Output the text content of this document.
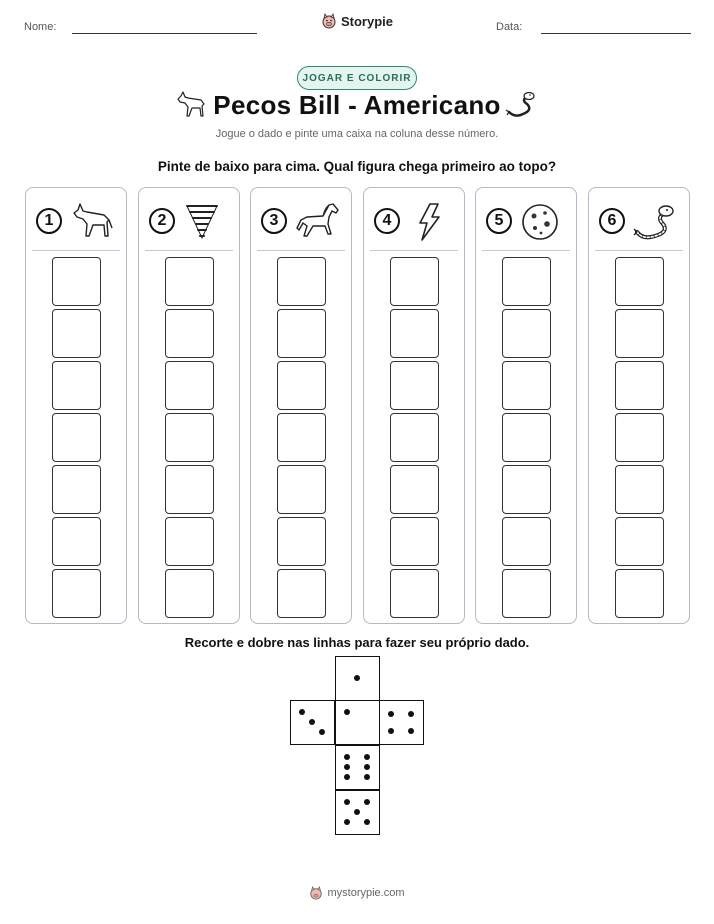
Nome:	Storypie	Data:
JOGAR E COLORIR
Pecos Bill - Americano
Jogue o dado e pinte uma caixa na coluna desse número.
Pinte de baixo para cima. Qual figura chega primeiro ao topo?
1	2	3	4	5	6
Recorte e dobre nas linhas para fazer seu próprio dado.
mystorypie.com
